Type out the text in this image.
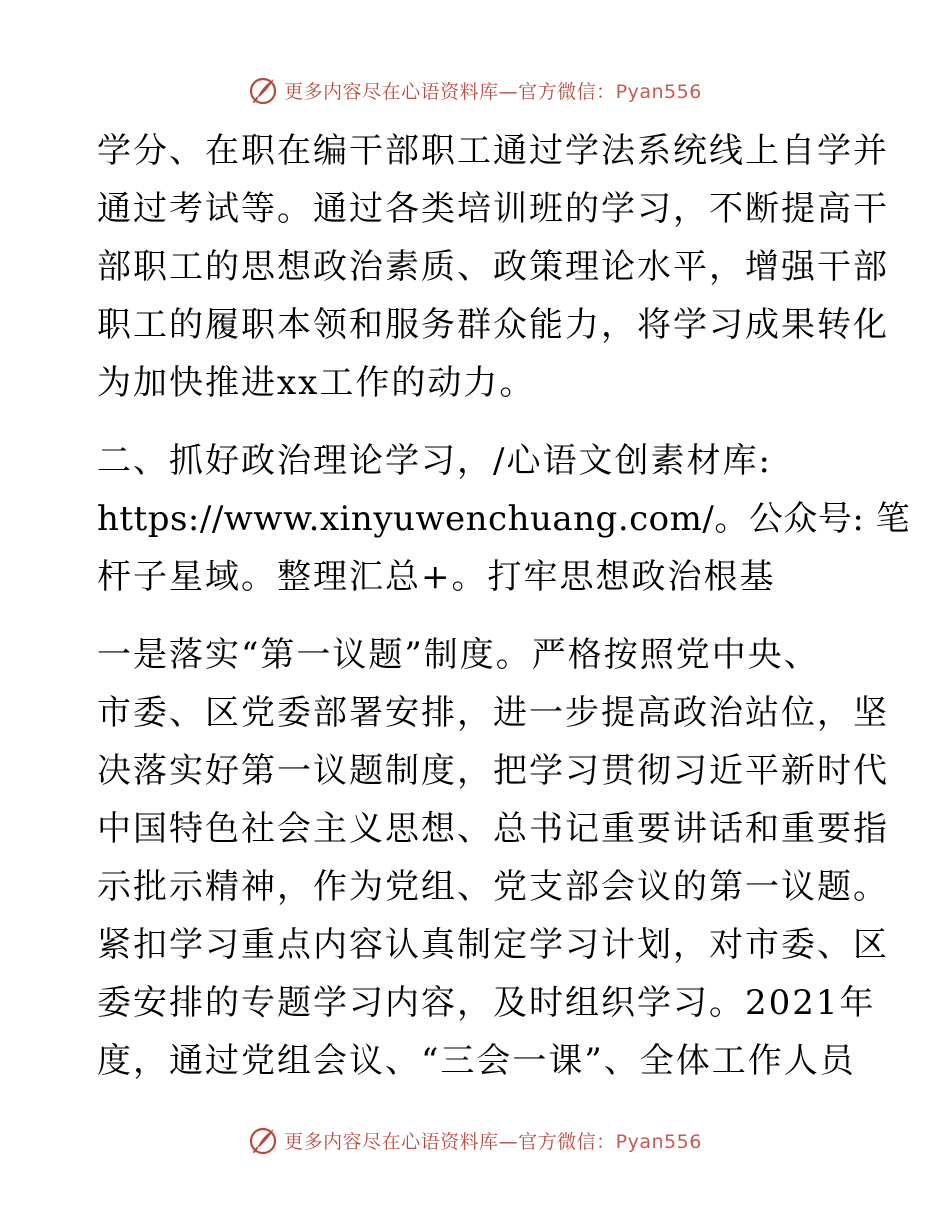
更多内容尽在心语资料库—官方微信：Pyan556
学分、在职在编干部职工通过学法系统线上自学并
通过考试等。通过各类培训班的学习，不断提高干
部职工的思想政治素质、政策理论水平，增强干部
职工的履职本领和服务群众能力，将学习成果转化
为加快推进xx工作的动力。
二、抓好政治理论学习，/心语文创素材库:
https://www.xinyuwenchuang.com/。公众号: 笔
杆子星域。整理汇总+。打牢思想政治根基
一是落实“第一议题”制度。严格按照党中央、
市委、区党委部署安排，进一步提高政治站位，坚
决落实好第一议题制度，把学习贯彻习近平新时代
中国特色社会主义思想、总书记重要讲话和重要指
示批示精神，作为党组、党支部会议的第一议题。
紧扣学习重点内容认真制定学习计划，对市委、区
委安排的专题学习内容，及时组织学习。2021年
度，通过党组会议、“三会一课”、全体工作人员
更多内容尽在心语资料库—官方微信：Pyan556
